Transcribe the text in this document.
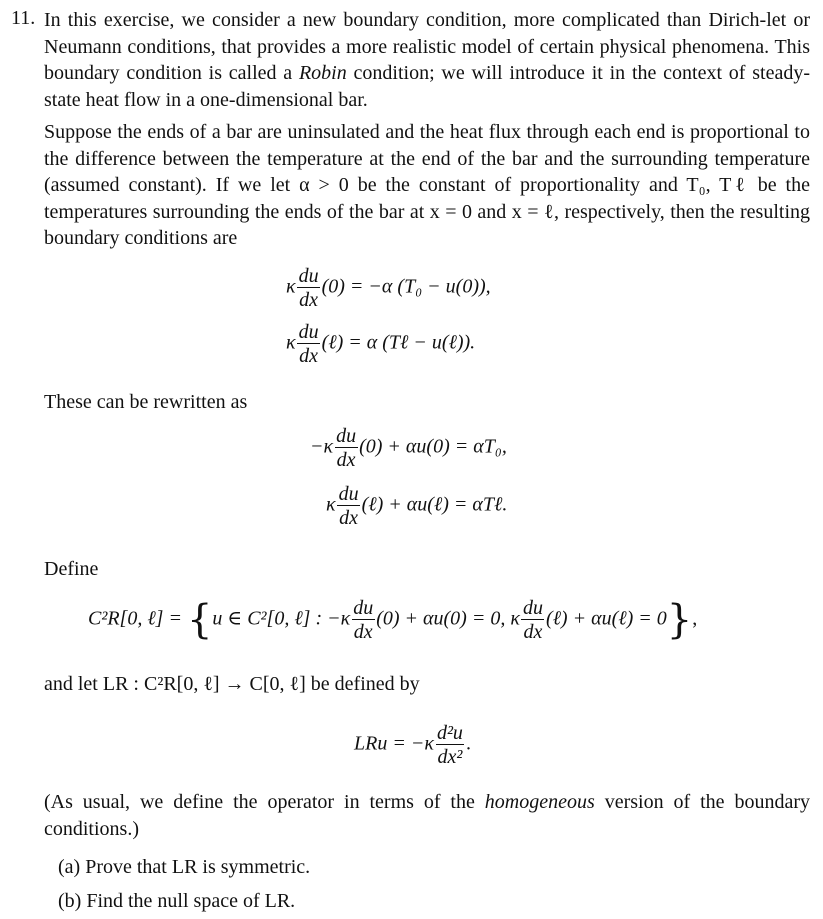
11. In this exercise, we consider a new boundary condition, more complicated than Dirich-let or Neumann conditions, that provides a more realistic model of certain physical phenomena. This boundary condition is called a Robin condition; we will introduce it in the context of steady-state heat flow in a one-dimensional bar.
Suppose the ends of a bar are uninsulated and the heat flux through each end is proportional to the difference between the temperature at the end of the bar and the surrounding temperature (assumed constant). If we let α > 0 be the constant of proportionality and T₀, Tℓ be the temperatures surrounding the ends of the bar at x = 0 and x = ℓ, respectively, then the resulting boundary conditions are
κ $\frac{du}{dx} (0) = -\alpha$ (T₀ − u(0)),
κ $\frac{du}{dx}$ (ℓ) = α (Tℓ − u(ℓ)).
These can be rewritten as
$-\kappa \frac{du}{dx} (0) + \alpha u(0) = \alpha T_0$,
κ $\frac{du}{dx}$ (ℓ) + αu(ℓ) = αTℓ.
Define
C²R[0, ℓ] = {u ∈ C²[0, ℓ] : $-\kappa \frac{du}{dx} (0) + \alpha u(0) = 0$, κ $\frac{du}{dx}$ (ℓ) + αu(ℓ) = 0},
and let LR : C²R[0, ℓ] → C[0, ℓ] be defined by
LRu = $-\kappa \frac{\text{d²u}}{\text{dx²}}$ .
(As usual, we define the operator in terms of the homogeneous version of the boundary conditions.)
(a) Prove that LR is symmetric.
(b) Find the null space of LR.
